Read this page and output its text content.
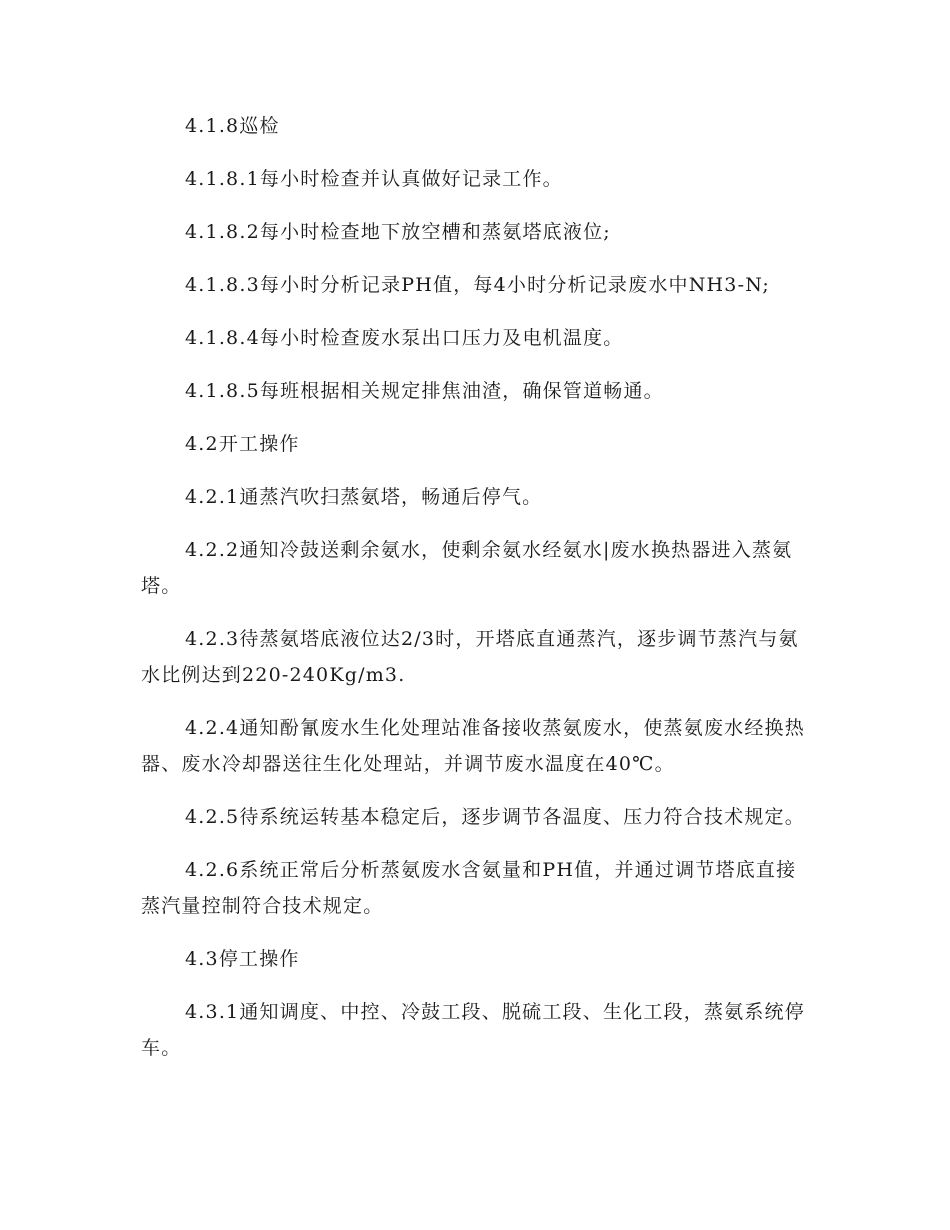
4.1.8巡检

4.1.8.1每小时检查并认真做好记录工作。

4.1.8.2每小时检查地下放空槽和蒸氨塔底液位;

4.1.8.3每小时分析记录PH值，每4小时分析记录废水中NH3-N;

4.1.8.4每小时检查废水泵出口压力及电机温度。

4.1.8.5每班根据相关规定排焦油渣，确保管道畅通。

4.2开工操作

4.2.1通蒸汽吹扫蒸氨塔，畅通后停气。

4.2.2通知冷鼓送剩余氨水，使剩余氨水经氨水|废水换热器进入蒸氨塔。

4.2.3待蒸氨塔底液位达2/3时，开塔底直通蒸汽，逐步调节蒸汽与氨水比例达到220-240Kg/m3.

4.2.4通知酚氰废水生化处理站准备接收蒸氨废水，使蒸氨废水经换热器、废水冷却器送往生化处理站，并调节废水温度在40℃。

4.2.5待系统运转基本稳定后，逐步调节各温度、压力符合技术规定。

4.2.6系统正常后分析蒸氨废水含氨量和PH值，并通过调节塔底直接蒸汽量控制符合技术规定。

4.3停工操作

4.3.1通知调度、中控、冷鼓工段、脱硫工段、生化工段，蒸氨系统停车。
